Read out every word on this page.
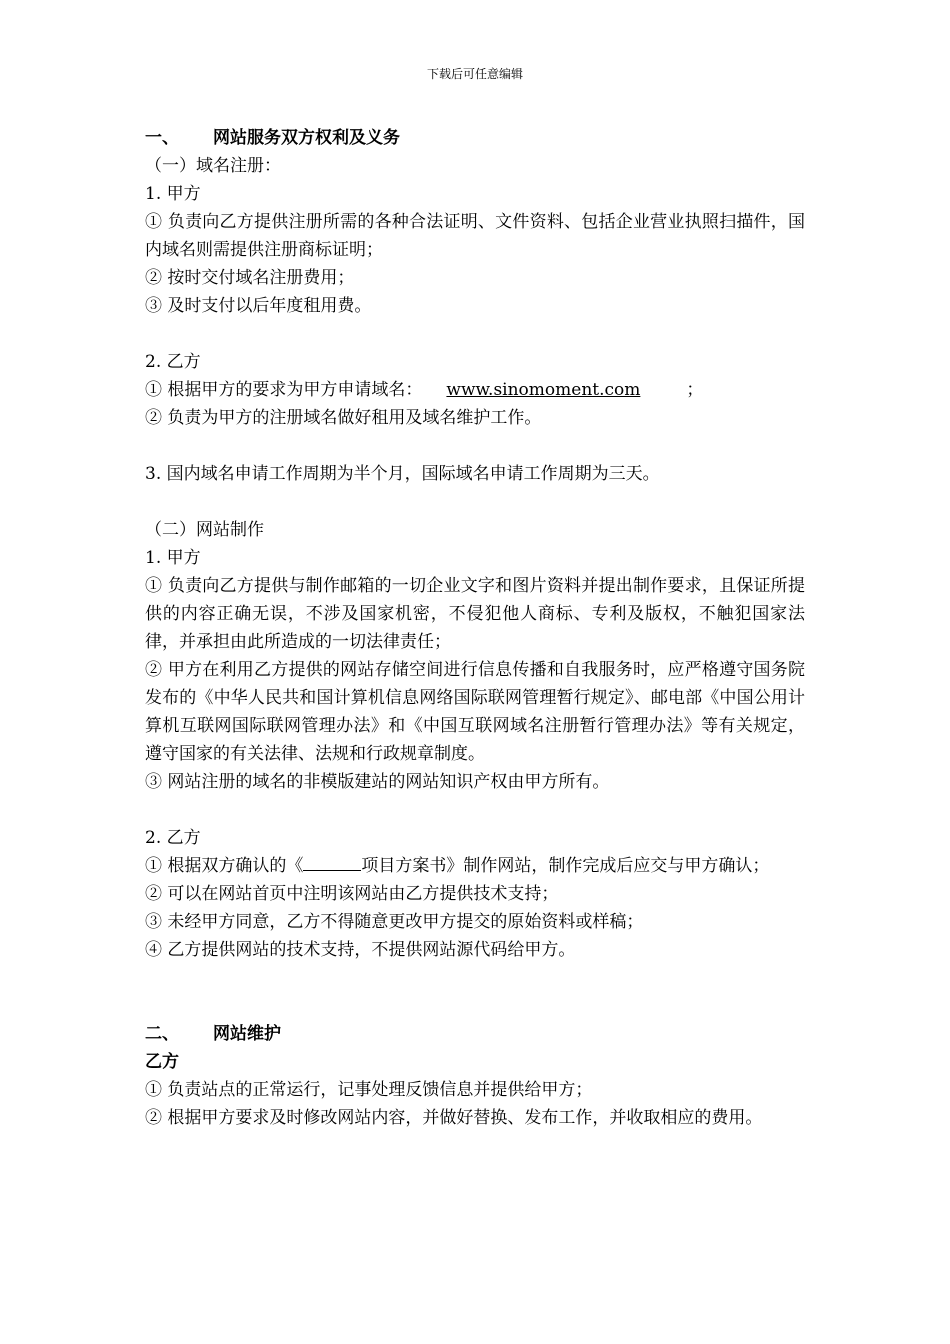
下载后可任意编辑
一、 网站服务双方权利及义务
（一）域名注册：
1. 甲方
① 负责向乙方提供注册所需的各种合法证明、文件资料、包括企业营业执照扫描件，国内域名则需提供注册商标证明；
② 按时交付域名注册费用；
③ 及时支付以后年度租用费。
2. 乙方
① 根据甲方的要求为甲方申请域名： www.sinomoment.com	；
② 负责为甲方的注册域名做好租用及域名维护工作。
3. 国内域名申请工作周期为半个月，国际域名申请工作周期为三天。
（二）网站制作
1. 甲方
① 负责向乙方提供与制作邮箱的一切企业文字和图片资料并提出制作要求，且保证所提供的内容正确无误，不涉及国家机密，不侵犯他人商标、专利及版权，不触犯国家法律，并承担由此所造成的一切法律责任；
② 甲方在利用乙方提供的网站存储空间进行信息传播和自我服务时，应严格遵守国务院发布的《中华人民共和国计算机信息网络国际联网管理暂行规定》、邮电部《中国公用计算机互联网国际联网管理办法》和《中国互联网域名注册暂行管理办法》等有关规定，遵守国家的有关法律、法规和行政规章制度。
③ 网站注册的域名的非模版建站的网站知识产权由甲方所有。
2. 乙方
① 根据双方确认的《	项目方案书》制作网站，制作完成后应交与甲方确认；
② 可以在网站首页中注明该网站由乙方提供技术支持；
③ 未经甲方同意，乙方不得随意更改甲方提交的原始资料或样稿；
④ 乙方提供网站的技术支持，不提供网站源代码给甲方。
二、 网站维护
乙方
① 负责站点的正常运行，记事处理反馈信息并提供给甲方；
② 根据甲方要求及时修改网站内容，并做好替换、发布工作，并收取相应的费用。
